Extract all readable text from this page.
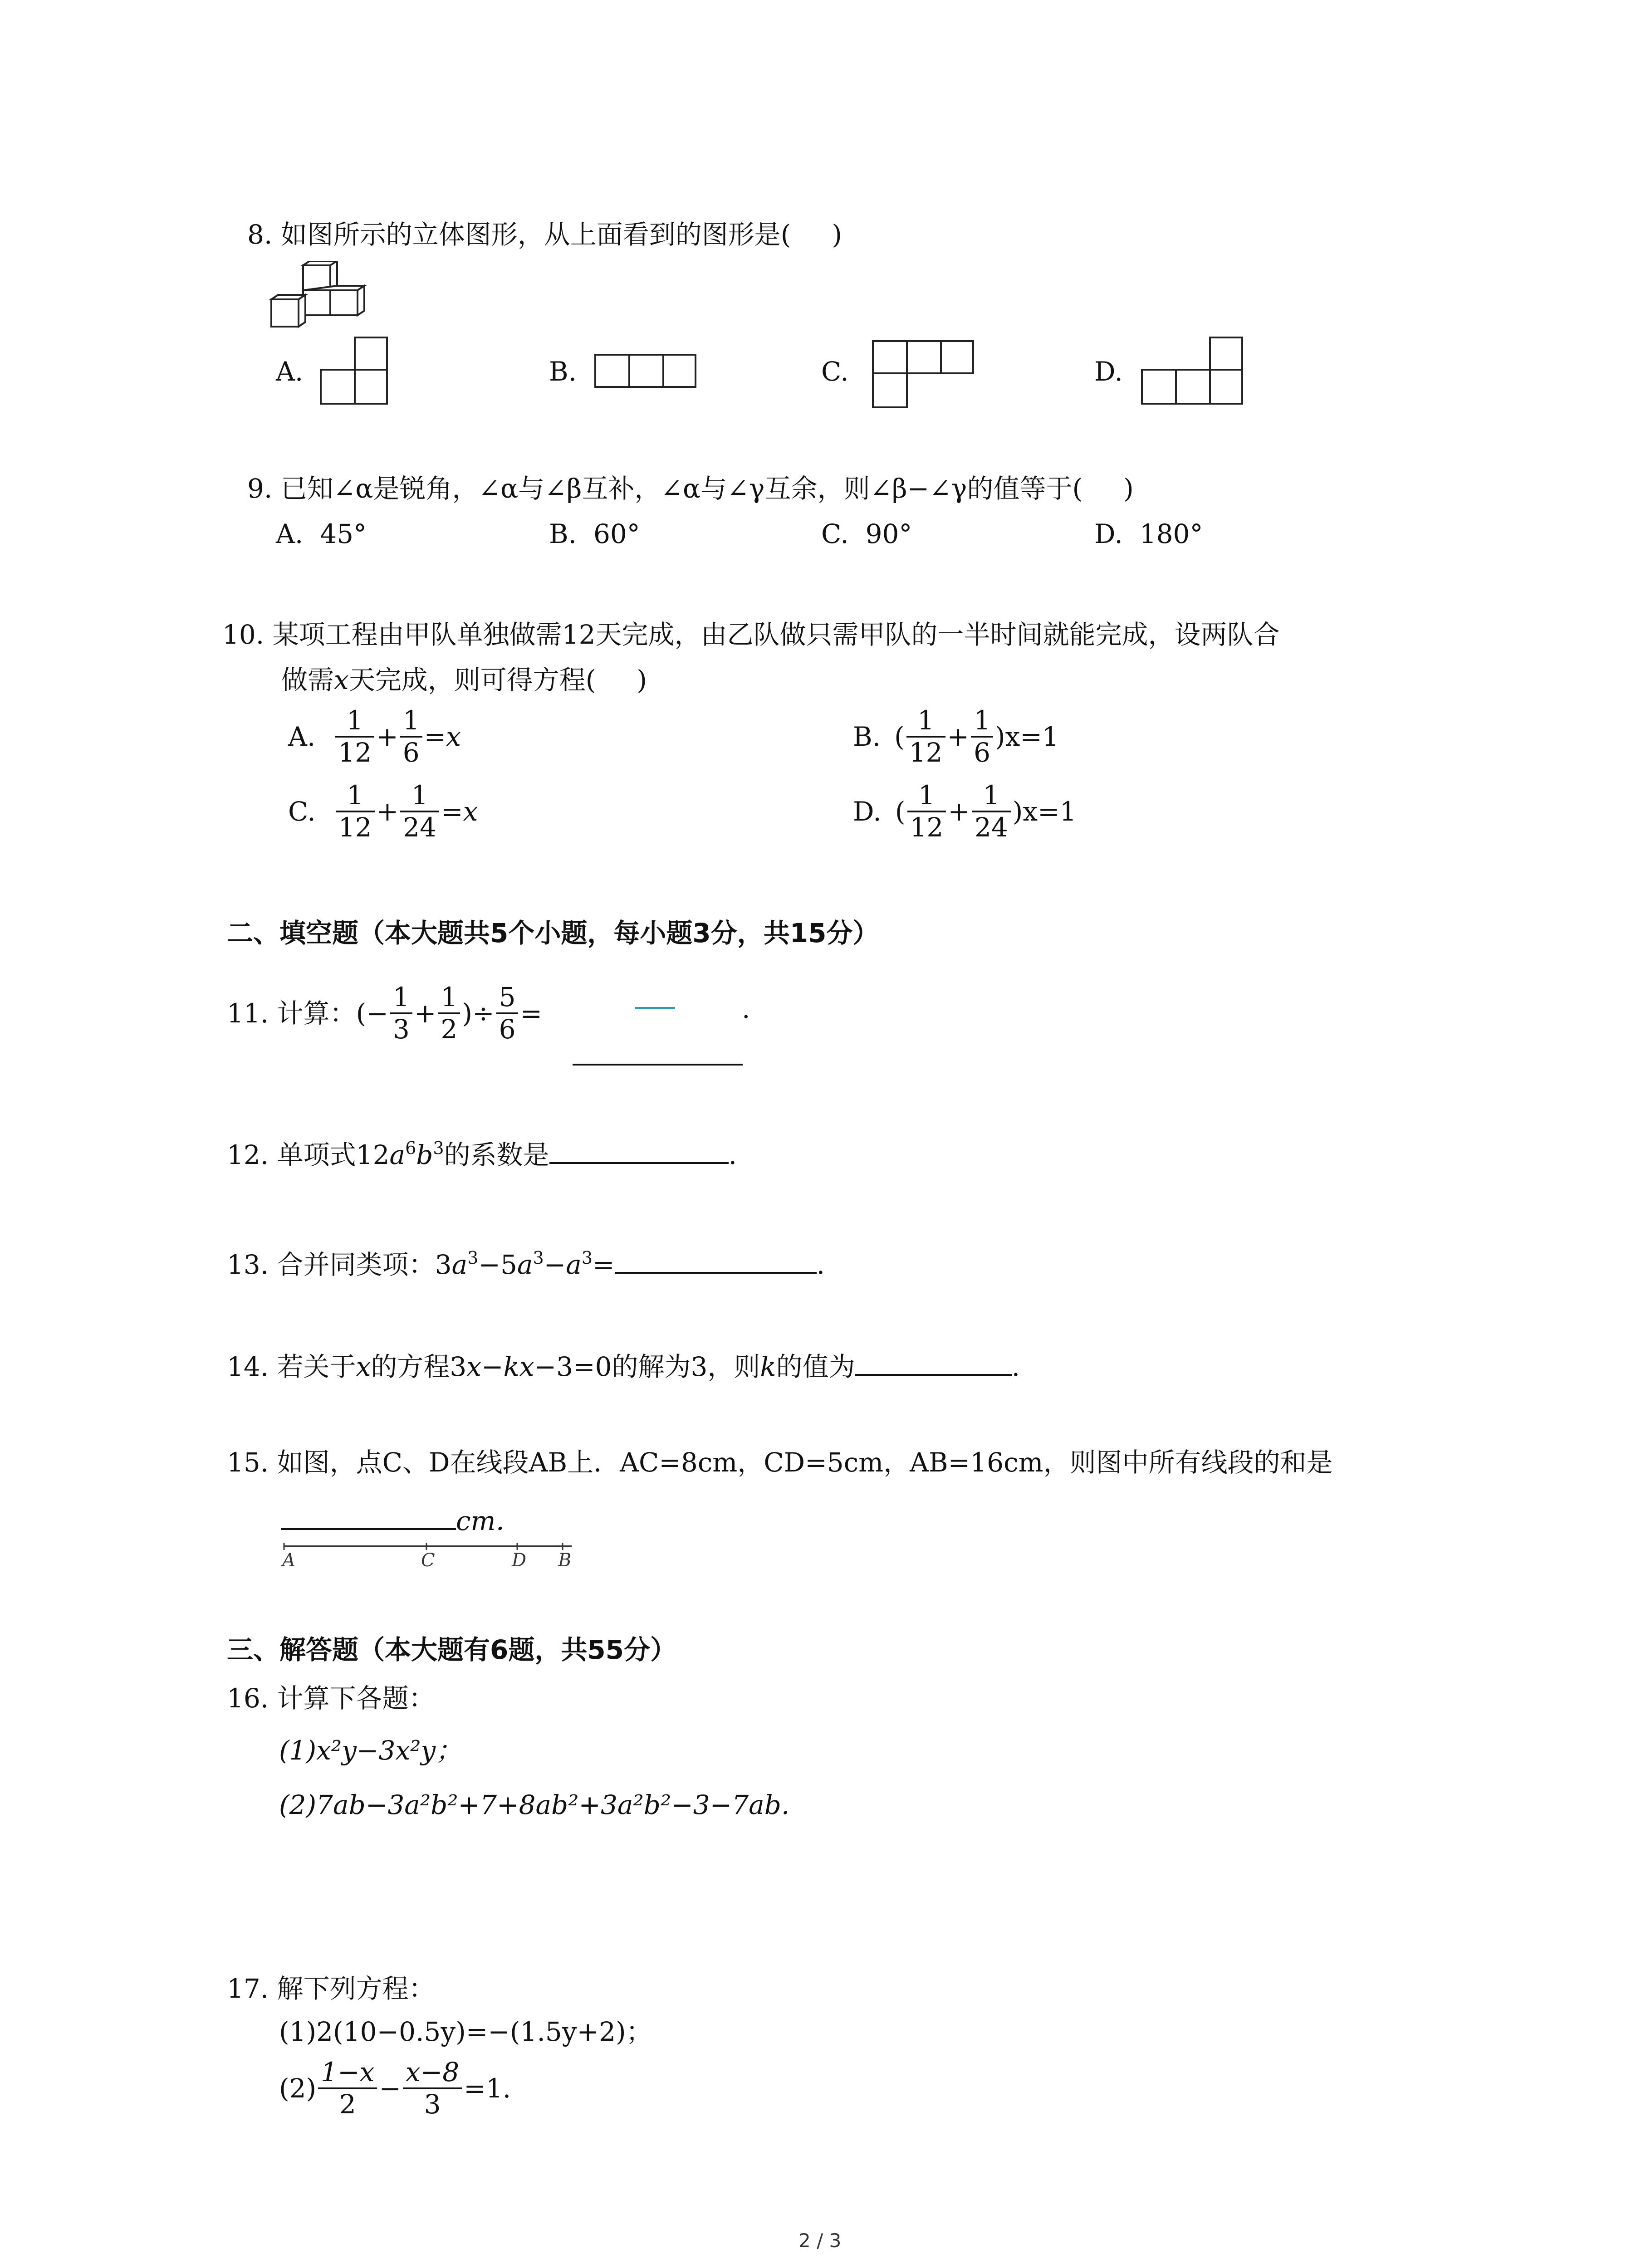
8. 如图所示的立体图形，从上面看到的图形是( )
A.	B.	C.	D.
9. 已知∠α是锐角，∠α与∠β互补，∠α与∠γ互余，则∠β−∠γ的值等于( )
A. 45°	B. 60°	C. 90°	D. 180°
10. 某项工程由甲队单独做需12天完成，由乙队做只需甲队的一半时间就能完成，设两队合
做需x天完成，则可得方程( )
A. $\frac{1}{12} + \frac{1}{6} =x$	B. ( $\frac{1}{12} + \frac{1}{6} )x=1$
C. $\frac{1}{12} + \frac{1}{24} =x$	D. ( $\frac{1}{12} + \frac{1}{24} )x=1$
二、填空题（本大题共5个小题，每小题3分，共15分）
11. 计算：(− $\frac{1}{3} + \frac{1}{2}$ )÷ $\frac{5}{6}$ =	.
12. 单项式$12a^6b^3$的系数是	.
13. 合并同类项：$3a^3-5a^3-a^3=$	.
14. 若关于x的方程3x−kx−3=0的解为3，则k的值为	.
15. 如图，点C、D在线段AB上．AC=8cm，CD=5cm，AB=16cm，则图中所有线段的和是
cm．
A	C	D B
三、解答题（本大题有6题，共55分）
16. 计算下各题：
(1)x²y−3x²y；
(2)7ab−3a²b²+7+8ab²+3a²b²−3−7ab.
17. 解下列方程：
(1)2(10−0.5y)=−(1.5y+2)；
$(2) \frac{1-x}{2} - \frac{x-8}{3} =1$.
2 / 3
